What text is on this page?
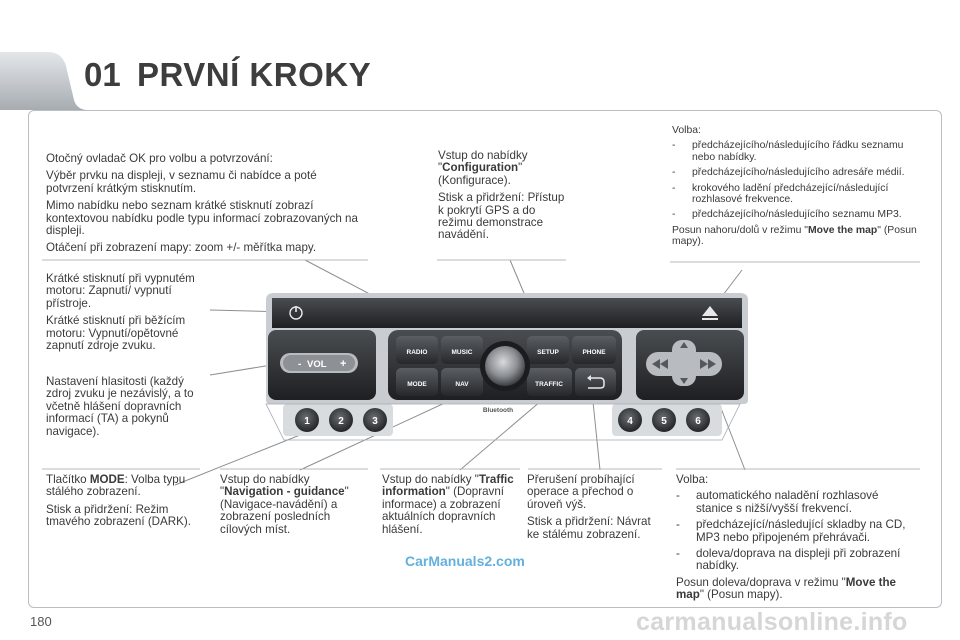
01 PRVNÍ KROKY
- VOL +
RADIO	MUSIC	SETUP	PHONE
MODE	NAV	TRAFFIC
Bluetooth
1	2	3	4	5	6

Otočný ovladač OK pro volbu a potvrzování:

Výběr prvku na displeji, v seznamu či nabídce a poté potvrzení krátkým stisknutím.

Mimo nabídku nebo seznam krátké stisknutí zobrazí kontextovou nabídku podle typu informací zobrazovaných na displeji.

Otáčení při zobrazení mapy: zoom +/- měřítka mapy.

Vstup do nabídky "Configuration" (Konfigurace).

Stisk a přidržení: Přístup k pokrytí GPS a do režimu demonstrace navádění.

Volba:
- předcházejícího/následujícího řádku seznamu nebo nabídky.
- předcházejícího/následujícího adresáře médií.
- krokového ladění předcházející/následující rozhlasové frekvence.
- předcházejícího/následujícího seznamu MP3.
Posun nahoru/dolů v režimu "Move the map" (Posun mapy).

Krátké stisknutí při vypnutém motoru: Zapnutí/ vypnutí přístroje.

Krátké stisknutí při běžícím motoru: Vypnutí/opětovné zapnutí zdroje zvuku.

Nastavení hlasitosti (každý zdroj zvuku je nezávislý, a to včetně hlášení dopravních informací (TA) a pokynů navigace).

Tlačítko MODE: Volba typu stálého zobrazení.

Stisk a přidržení: Režim tmavého zobrazení (DARK).

Vstup do nabídky "Navigation - guidance" (Navigace-navádění) a zobrazení posledních cílových míst.

Vstup do nabídky "Traffic information" (Dopravní informace) a zobrazení aktuálních dopravních hlášení.

Přerušení probíhající operace a přechod o úroveň výš.

Stisk a přidržení: Návrat ke stálému zobrazení.

Volba:
- automatického naladění rozhlasové stanice s nižší/vyšší frekvencí.
- předcházející/následující skladby na CD, MP3 nebo připojeném přehrávači.
- doleva/doprava na displeji při zobrazení nabídky.
Posun doleva/doprava v režimu "Move the map" (Posun mapy).
180
CarManuals2.com
carmanualsonline.info
